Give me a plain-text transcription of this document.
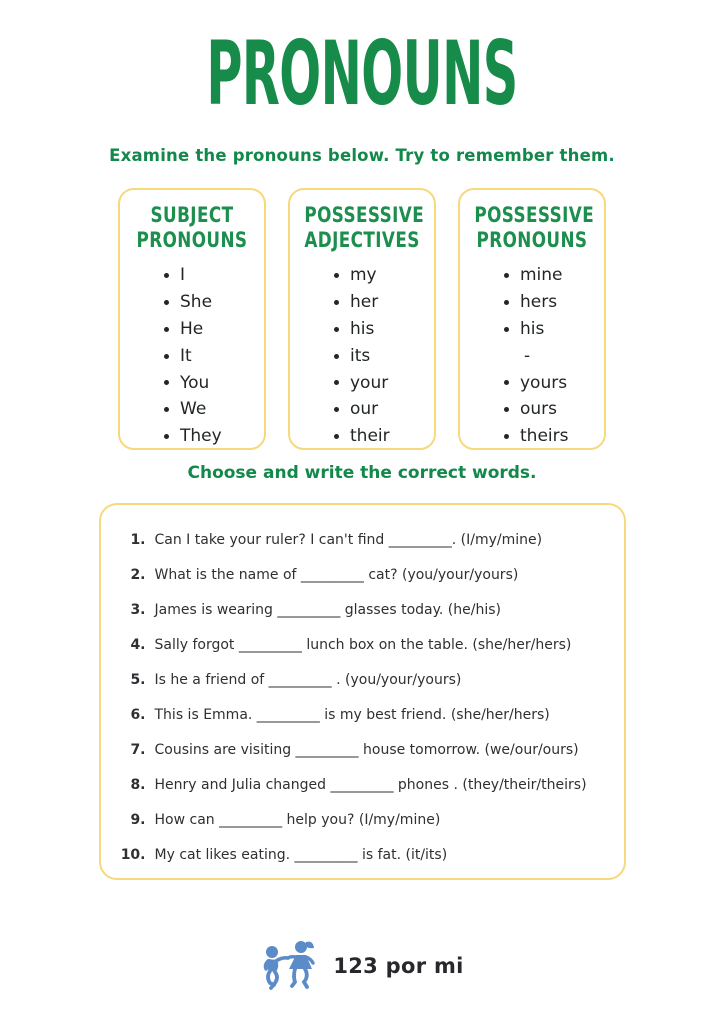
PRONOUNS
Examine the pronouns below. Try to remember them.
SUBJECT PRONOUNS
I
She
He
It
You
We
They
POSSESSIVE ADJECTIVES
my
her
his
its
your
our
their
POSSESSIVE PRONOUNS
mine
hers
his
-
yours
ours
theirs
Choose and write the correct words.
1. Can I take your ruler? I can't find _________. (I/my/mine)
2. What is the name of _________ cat? (you/your/yours)
3. James is wearing _________ glasses today. (he/his)
4. Sally forgot _________ lunch box on the table. (she/her/hers)
5. Is he a friend of _________ . (you/your/yours)
6. This is Emma. _________ is my best friend. (she/her/hers)
7. Cousins are visiting _________ house tomorrow. (we/our/ours)
8. Henry and Julia changed _________ phones . (they/their/theirs)
9. How can _________ help you? (I/my/mine)
10. My cat likes eating. _________ is fat. (it/its)
123 por mi
